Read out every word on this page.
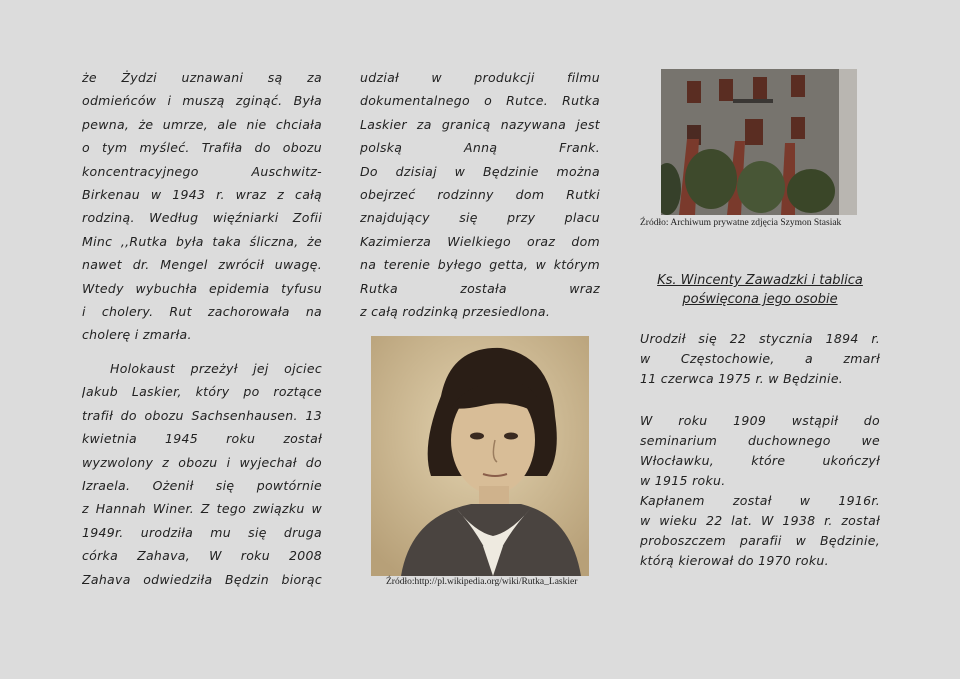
że Żydzi uznawani są za
odmieńców i muszą zginąć. Była
pewna, że umrze, ale nie chciała
o tym myśleć. Trafiła do obozu
koncentracyjnego Auschwitz-
Birkenau w 1943 r. wraz z całą
rodziną. Według więźniarki Zofii
Minc ,,Rutka była taka śliczna, że
nawet dr. Mengel zwrócił uwagę.
Wtedy wybuchła epidemia tyfusu
i cholery. Rut zachorowała na
cholerę i zmarła.
Holokaust przeżył jej ojciec
Jakub Laskier, który po roztące
trafił do obozu Sachsenhausen. 13
kwietnia 1945 roku został
wyzwolony z obozu i wyjechał do
Izraela. Ożenił się powtórnie
z Hannah Winer. Z tego związku w
1949r. urodziła mu się druga
córka Zahava, W roku 2008
Zahava odwiedziła Będzin biorąc
udział w produkcji filmu
dokumentalnego o Rutce. Rutka
Laskier za granicą nazywana jest
polską Anną Frank.
Do dzisiaj w Będzinie można
obejrzeć rodzinny dom Rutki
znajdujący się przy placu
Kazimierza Wielkiego oraz dom
na terenie byłego getta, w którym
Rutka została wraz
z całą rodzinką przesiedlona.
Źródło:http://pl.wikipedia.org/wiki/Rutka_Laskier
Źródło: Archiwum prywatne zdjęcia Szymon Stasiak
Ks. Wincenty Zawadzki i tablica
poświęcona jego osobie
Urodził się 22 stycznia 1894 r.
w Częstochowie, a zmarł
11 czerwca 1975 r. w Będzinie.
W roku 1909 wstąpił do
seminarium duchownego we
Włocławku, które ukończył
w 1915 roku.
Kapłanem został w 1916r.
w wieku 22 lat. W 1938 r. został
proboszczem parafii w Będzinie,
którą kierował do 1970 roku.
